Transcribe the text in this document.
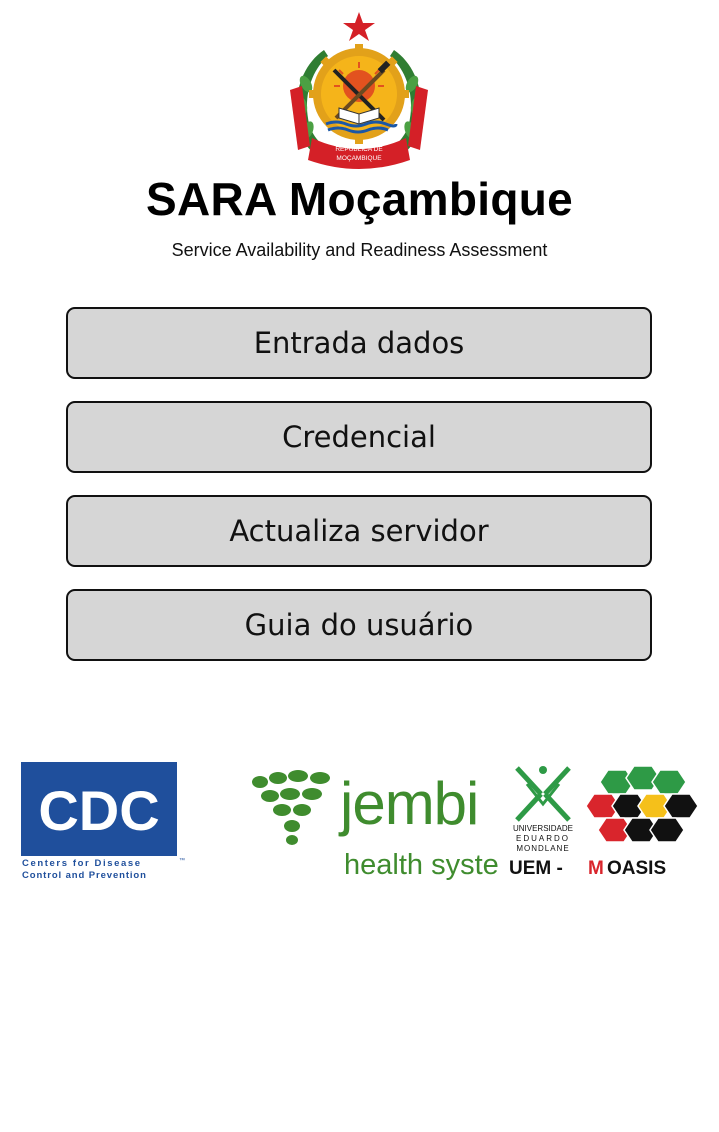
REPÚBLICA DE
MOÇAMBIQUE
SARA Moçambique
Service Availability and Readiness Assessment
Entrada dados
Credencial
Actualiza servidor
Guia do usuário
CDC
™
Centers for Disease
Control and Prevention
jembi
health syste
UNIVERSIDADE
EDUARDO
MONDLANE
UEM - M OASIS
